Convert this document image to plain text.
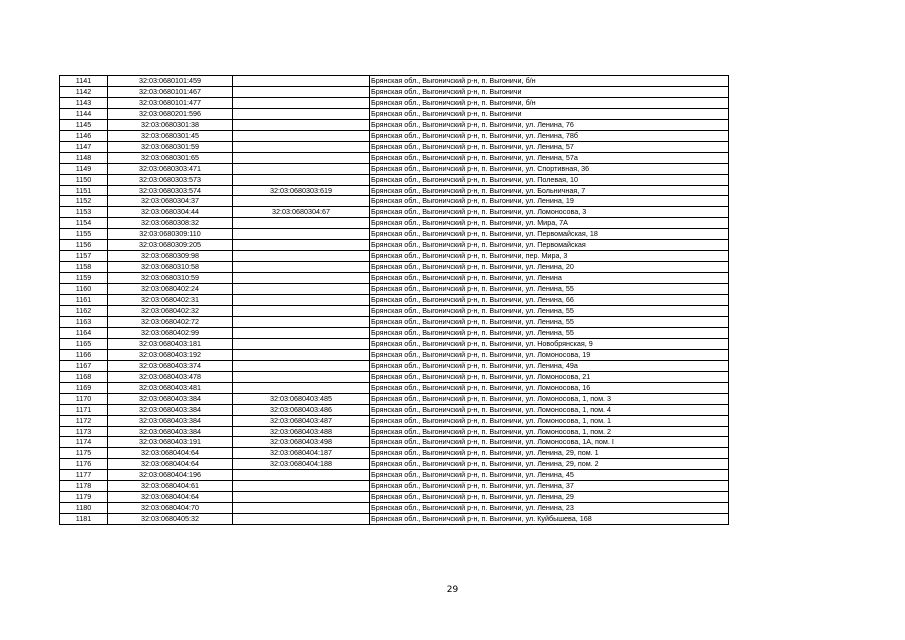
1141	32:03:0680101:459		Брянская обл., Выгоничский р-н, п. Выгоничи, б/н
1142	32:03:0680101:467		Брянская обл., Выгоничский р-н, п. Выгоничи
1143	32:03:0680101:477		Брянская обл., Выгоничский р-н, п. Выгоничи, б/н
1144	32:03:0680201:596		Брянская обл., Выгоничский р-н, п. Выгоничи
1145	32:03:0680301:38		Брянская обл., Выгоничский р-н, п. Выгоничи, ул. Ленина, 76
1146	32:03:0680301:45		Брянская обл., Выгоничский р-н, п. Выгоничи, ул. Ленина, 78б
1147	32:03:0680301:59		Брянская обл., Выгоничский р-н, п. Выгоничи, ул. Ленина, 57
1148	32:03:0680301:65		Брянская обл., Выгоничский р-н, п. Выгоничи, ул. Ленина, 57а
1149	32:03:0680303:471		Брянская обл., Выгоничский р-н, п. Выгоничи, ул. Спортивная, 36
1150	32:03:0680303:573		Брянская обл., Выгоничский р-н, п. Выгоничи, ул. Полевая, 10
1151	32:03:0680303:574	32:03:0680303:619	Брянская обл., Выгоничский р-н, п. Выгоничи, ул. Больничная, 7
1152	32:03:0680304:37		Брянская обл., Выгоничский р-н, п. Выгоничи, ул. Ленина, 19
1153	32:03:0680304:44	32:03:0680304:67	Брянская обл., Выгоничский р-н, п. Выгоничи, ул. Ломоносова, 3
1154	32:03:0680308:32		Брянская обл., Выгоничский р-н, п. Выгоничи, ул. Мира, 7А
1155	32:03:0680309:110		Брянская обл., Выгоничский р-н, п. Выгоничи, ул. Первомайская, 18
1156	32:03:0680309:205		Брянская обл., Выгоничский р-н, п. Выгоничи, ул. Первомайская
1157	32:03:0680309:98		Брянская обл., Выгоничский р-н, п. Выгоничи, пер. Мира, 3
1158	32:03:0680310:58		Брянская обл., Выгоничский р-н, п. Выгоничи, ул. Ленина, 20
1159	32:03:0680310:59		Брянская обл., Выгоничский р-н, п. Выгоничи, ул. Ленина
1160	32:03:0680402:24		Брянская обл., Выгоничский р-н, п. Выгоничи, ул. Ленина, 55
1161	32:03:0680402:31		Брянская обл., Выгоничский р-н, п. Выгоничи, ул. Ленина, 66
1162	32:03:0680402:32		Брянская обл., Выгоничский р-н, п. Выгоничи, ул. Ленина, 55
1163	32:03:0680402:72		Брянская обл., Выгоничский р-н, п. Выгоничи, ул. Ленина, 55
1164	32:03:0680402:99		Брянская обл., Выгоничский р-н, п. Выгоничи, ул. Ленина, 55
1165	32:03:0680403:181		Брянская обл., Выгоничский р-н, п. Выгоничи, ул. Новобрянская, 9
1166	32:03:0680403:192		Брянская обл., Выгоничский р-н, п. Выгоничи, ул. Ломоносова, 19
1167	32:03:0680403:374		Брянская обл., Выгоничский р-н, п. Выгоничи, ул. Ленина, 49а
1168	32:03:0680403:478		Брянская обл., Выгоничский р-н, п. Выгоничи, ул. Ломоносова, 21
1169	32:03:0680403:481		Брянская обл., Выгоничский р-н, п. Выгоничи, ул. Ломоносова, 16
1170	32:03:0680403:384	32:03:0680403:485	Брянская обл., Выгоничский р-н, п. Выгоничи, ул. Ломоносова, 1, пом. 3
1171	32:03:0680403:384	32:03:0680403:486	Брянская обл., Выгоничский р-н, п. Выгоничи, ул. Ломоносова, 1, пом. 4
1172	32:03:0680403:384	32:03:0680403:487	Брянская обл., Выгоничский р-н, п. Выгоничи, ул. Ломоносова, 1, пом. 1
1173	32:03:0680403:384	32:03:0680403:488	Брянская обл., Выгоничский р-н, п. Выгоничи, ул. Ломоносова, 1, пом. 2
1174	32:03:0680403:191	32:03:0680403:498	Брянская обл., Выгоничский р-н, п. Выгоничи, ул. Ломоносова, 1А, пом. I
1175	32:03:0680404:64	32:03:0680404:187	Брянская обл., Выгоничский р-н, п. Выгоничи, ул. Ленина, 29, пом. 1
1176	32:03:0680404:64	32:03:0680404:188	Брянская обл., Выгоничский р-н, п. Выгоничи, ул. Ленина, 29, пом. 2
1177	32:03:0680404:196		Брянская обл., Выгоничский р-н, п. Выгоничи, ул. Ленина, 45
1178	32:03:0680404:61		Брянская обл., Выгоничский р-н, п. Выгоничи, ул. Ленина, 37
1179	32:03:0680404:64		Брянская обл., Выгоничский р-н, п. Выгоничи, ул. Ленина, 29
1180	32:03:0680404:70		Брянская обл., Выгоничский р-н, п. Выгоничи, ул. Ленина, 23
1181	32:03:0680405:32		Брянская обл., Выгоничский р-н, п. Выгоничи, ул. Куйбышева, 168
29
